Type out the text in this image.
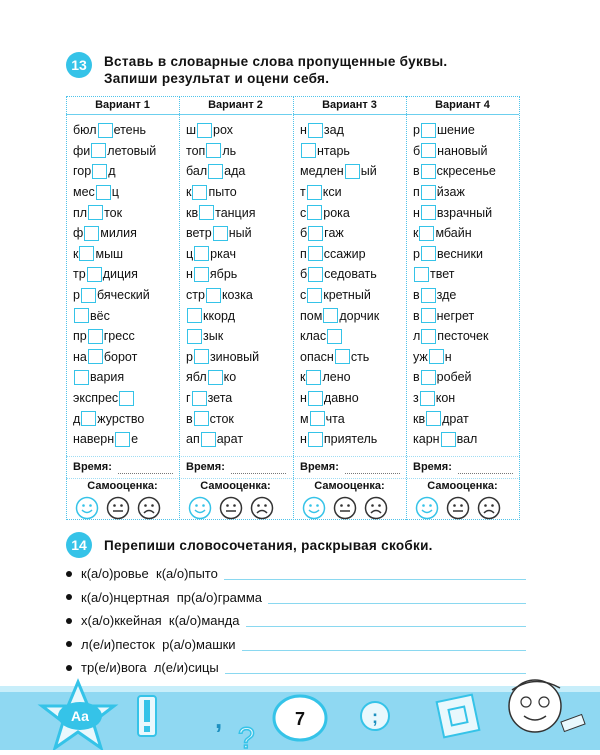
13	Вставь в словарные слова пропущенные буквы.
Запиши результат и оцени себя.
Вариант 1
бюл етень
фи летовый
гор д
мес ц
пл ток
ф милия
к мыш
тр диция
р бячеcкий
вёс
пр гресс
на борот
вария
экспрес
д журство
наверн е
Время:
Самооценка:
Вариант 2
ш рох
топ ль
бал ада
к пыто
кв танция
ветр ный
ц ркач
н ябрь
стр козка
ккорд
зык
р зиновый
ябл ко
г зета
в сток
ап арат
Время:
Самооценка:
Вариант 3
н зад
нтарь
медлен ый
т кси
с рока
б гаж
п ссажир
б седовать
с кретный
пом дорчик
клас
опасн сть
к лено
н давно
м чта
н приятель
Время:
Самооценка:
Вариант 4
р шение
б нановый
в скресенье
п йзаж
н взрачный
к мбайн
р весники
твет
в зде
в негрет
л песточек
уж н
в робей
з кон
кв драт
карн вал
Время:
Самооценка:
14	Перепиши словосочетания, раскрывая скобки.
к(а/о)ровье  к(а/о)пыто
к(а/о)нцертная  пр(а/о)грамма
х(а/о)ккейная  к(а/о)манда
л(е/и)песток  р(а/о)машки
тр(е/и)вога  л(е/и)сицы
Aa	,
?
7	;
